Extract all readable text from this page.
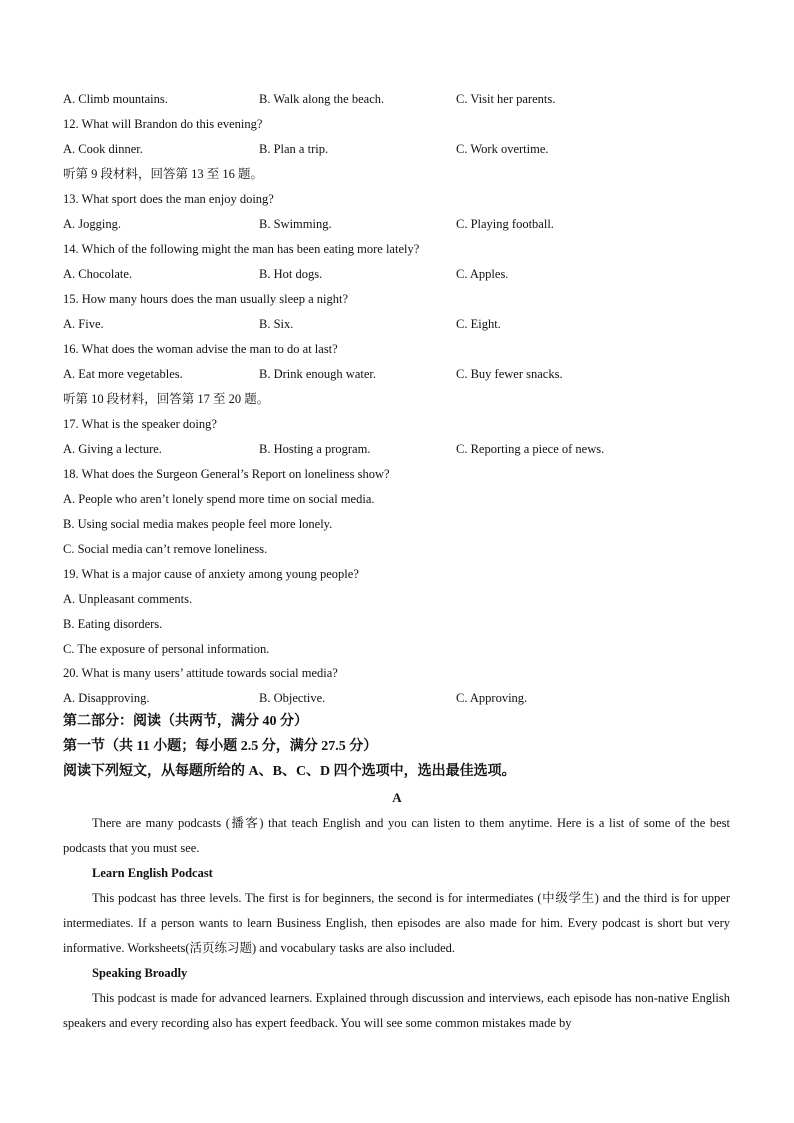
A. Climb mountains.	B. Walk along the beach.	C. Visit her parents.
12. What will Brandon do this evening?
A. Cook dinner.	B. Plan a trip.	C. Work overtime.
听第 9 段材料，回答第 13 至 16 题。
13. What sport does the man enjoy doing?
A. Jogging.	B. Swimming.	C. Playing football.
14. Which of the following might the man has been eating more lately?
A. Chocolate.	B. Hot dogs.	C. Apples.
15. How many hours does the man usually sleep a night?
A. Five.	B. Six.	C. Eight.
16. What does the woman advise the man to do at last?
A. Eat more vegetables.	B. Drink enough water.	C. Buy fewer snacks.
听第 10 段材料，回答第 17 至 20 题。
17. What is the speaker doing?
A. Giving a lecture.	B. Hosting a program.	C. Reporting a piece of news.
18. What does the Surgeon General’s Report on loneliness show?
A. People who aren’t lonely spend more time on social media.
B. Using social media makes people feel more lonely.
C. Social media can’t remove loneliness.
19. What is a major cause of anxiety among young people?
A. Unpleasant comments.
B. Eating disorders.
C. The exposure of personal information.
20. What is many users’ attitude towards social media?
A. Disapproving.	B. Objective.	C. Approving.
第二部分：阅读（共两节，满分 40 分）
第一节（共 11 小题；每小题 2.5 分，满分 27.5 分）
阅读下列短文，从每题所给的 A、B、C、D 四个选项中，选出最佳选项。
A
There are many podcasts (播客) that teach English and you can listen to them anytime. Here is a list of some of the best podcasts that you must see.
Learn English Podcast
This podcast has three levels. The first is for beginners, the second is for intermediates (中级学生) and the third is for upper intermediates. If a person wants to learn Business English, then episodes are also made for him. Every podcast is short but very informative. Worksheets(活页练习题) and vocabulary tasks are also included.
Speaking Broadly
This podcast is made for advanced learners. Explained through discussion and interviews, each episode has non-native English speakers and every recording also has expert feedback. You will see some common mistakes made by
